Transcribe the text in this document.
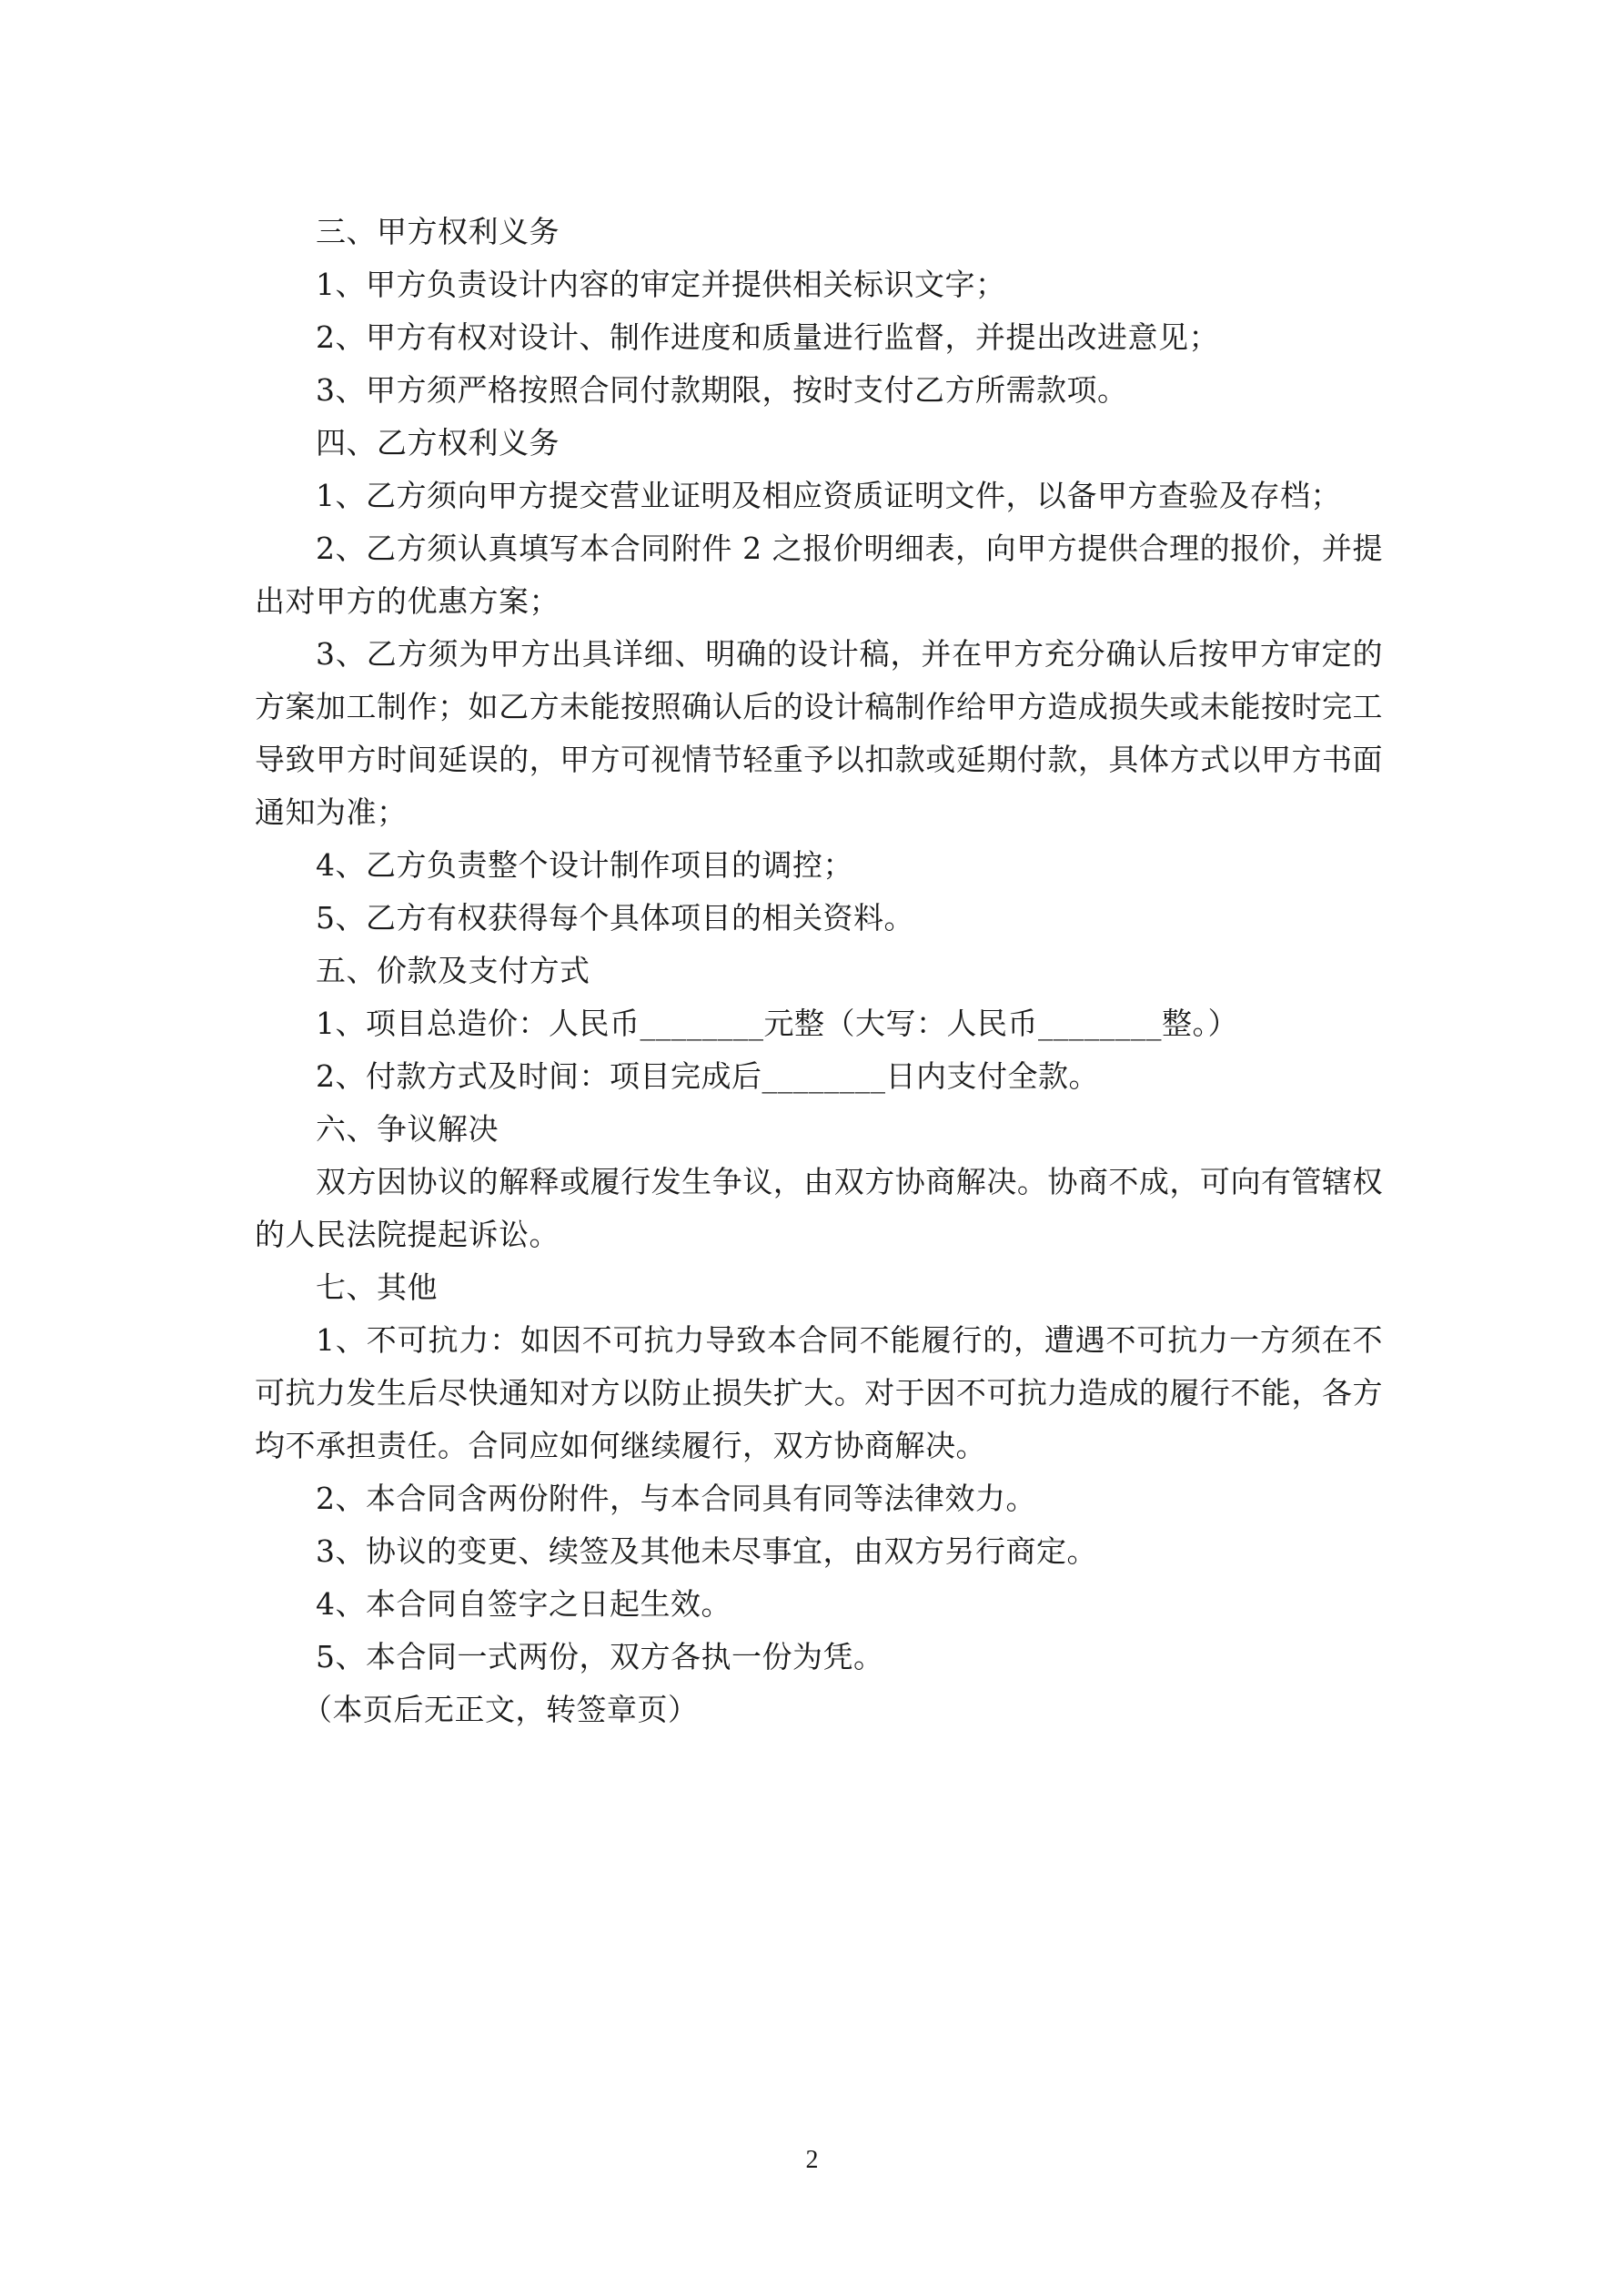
三、甲方权利义务

1、甲方负责设计内容的审定并提供相关标识文字；

2、甲方有权对设计、制作进度和质量进行监督，并提出改进意见；

3、甲方须严格按照合同付款期限，按时支付乙方所需款项。

四、乙方权利义务

1、乙方须向甲方提交营业证明及相应资质证明文件，以备甲方查验及存档；

2、乙方须认真填写本合同附件 2 之报价明细表，向甲方提供合理的报价，并提出对甲方的优惠方案；

3、乙方须为甲方出具详细、明确的设计稿，并在甲方充分确认后按甲方审定的方案加工制作；如乙方未能按照确认后的设计稿制作给甲方造成损失或未能按时完工导致甲方时间延误的，甲方可视情节轻重予以扣款或延期付款，具体方式以甲方书面通知为准；

4、乙方负责整个设计制作项目的调控；

5、乙方有权获得每个具体项目的相关资料。

五、价款及支付方式

1、项目总造价：人民币________元整（大写：人民币________整。）

2、付款方式及时间：项目完成后________日内支付全款。

六、争议解决

双方因协议的解释或履行发生争议，由双方协商解决。协商不成，可向有管辖权的人民法院提起诉讼。

七、其他

1、不可抗力：如因不可抗力导致本合同不能履行的，遭遇不可抗力一方须在不可抗力发生后尽快通知对方以防止损失扩大。对于因不可抗力造成的履行不能，各方均不承担责任。合同应如何继续履行，双方协商解决。

2、本合同含两份附件，与本合同具有同等法律效力。

3、协议的变更、续签及其他未尽事宜，由双方另行商定。

4、本合同自签字之日起生效。

5、本合同一式两份，双方各执一份为凭。

（本页后无正文，转签章页）

2
